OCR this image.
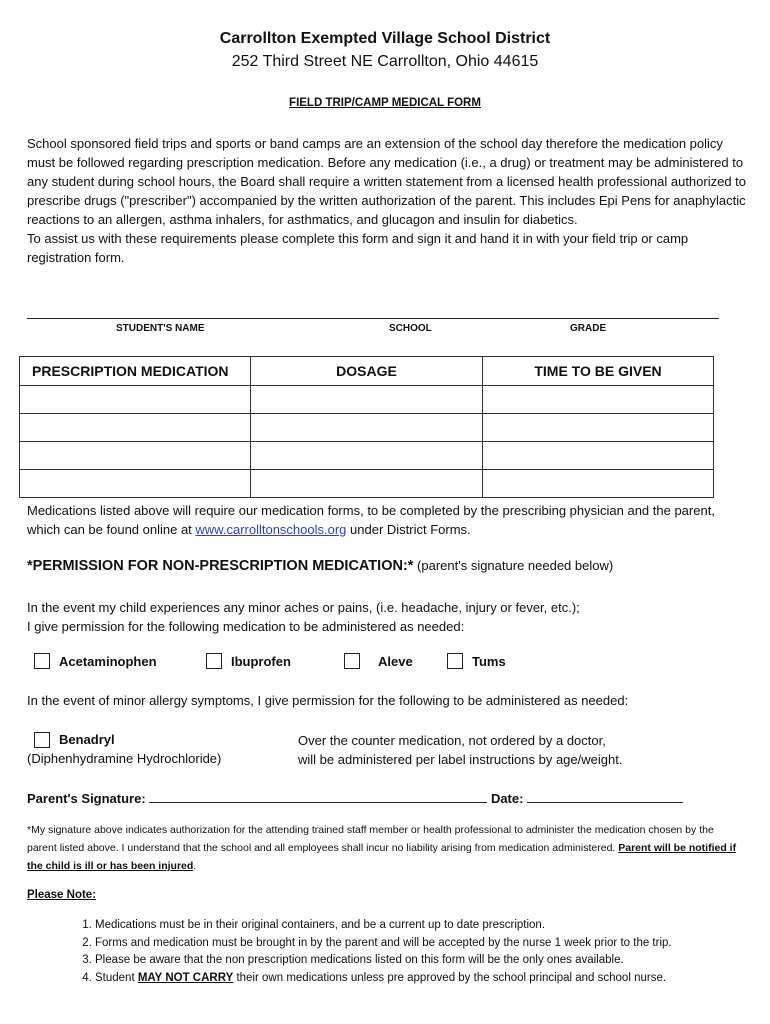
Carrollton Exempted Village School District
252 Third Street NE Carrollton, Ohio 44615
FIELD TRIP/CAMP MEDICAL FORM

School sponsored field trips and sports or band camps are an extension of the school day therefore the medication policy must be followed regarding prescription medication. Before any medication (i.e., a drug) or treatment may be administered to any student during school hours, the Board shall require a written statement from a licensed health professional authorized to prescribe drugs ("prescriber") accompanied by the written authorization of the parent. This includes Epi Pens for anaphylactic reactions to an allergen, asthma inhalers, for asthmatics, and glucagon and insulin for diabetics.

To assist us with these requirements please complete this form and sign it and hand it in with your field trip or camp registration form.

STUDENT'S NAME	SCHOOL	GRADE
PRESCRIPTION MEDICATION	DOSAGE	TIME TO BE GIVEN

Medications listed above will require our medication forms, to be completed by the prescribing physician and the parent, which can be found online at www.carrolltonschools.org under District Forms.
*PERMISSION FOR NON-PRESCRIPTION MEDICATION:* (parent's signature needed below)
In the event my child experiences any minor aches or pains, (i.e. headache, injury or fever, etc.);
I give permission for the following medication to be administered as needed:
Acetaminophen	Ibuprofen	Aleve	Tums
In the event of minor allergy symptoms, I give permission for the following to be administered as needed:
Benadryl
(Diphenhydramine Hydrochloride)
Over the counter medication, not ordered by a doctor,
will be administered per label instructions by age/weight.
Parent's Signature:	Date:
*My signature above indicates authorization for the attending trained staff member or health professional to administer the medication chosen by the parent listed above. I understand that the school and all employees shall incur no liability arising from medication administered. Parent will be notified if the child is ill or has been injured.
Please Note:
1. Medications must be in their original containers, and be a current up to date prescription.
2. Forms and medication must be brought in by the parent and will be accepted by the nurse 1 week prior to the trip.
3. Please be aware that the non prescription medications listed on this form will be the only ones available.
4. Student MAY NOT CARRY their own medications unless pre approved by the school principal and school nurse.
